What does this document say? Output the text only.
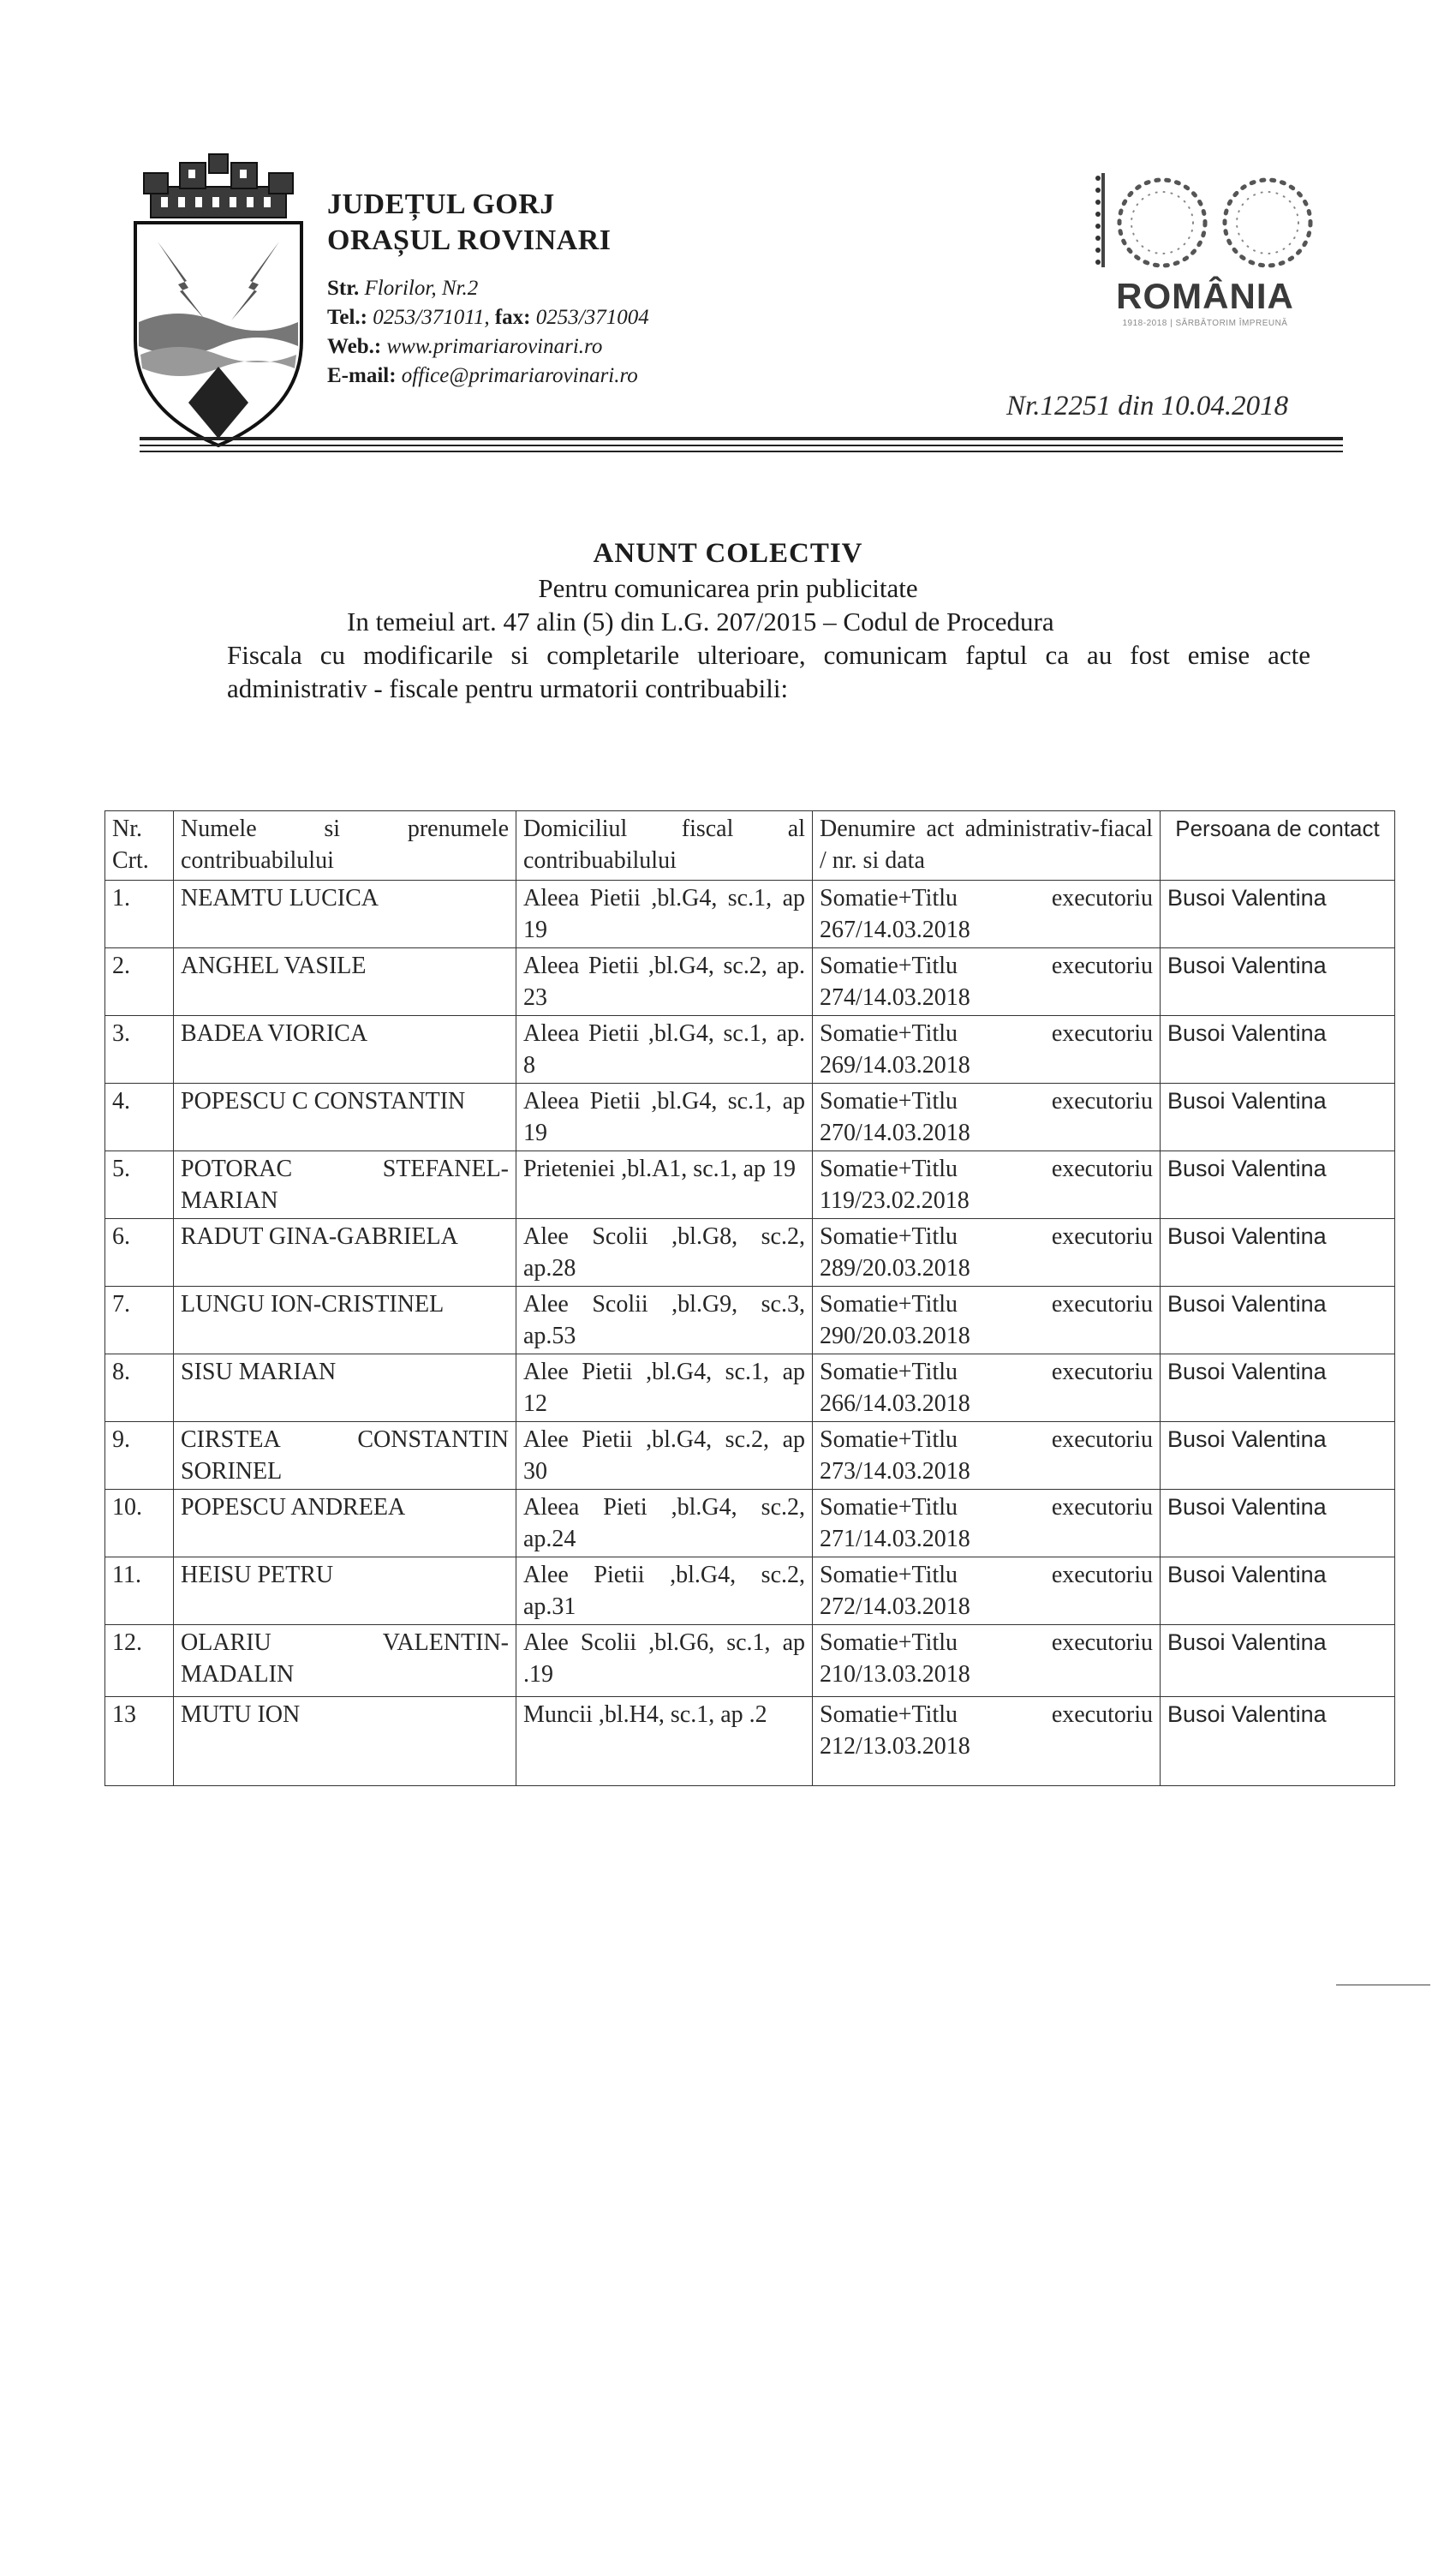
JUDEȚUL GORJ
ORAȘUL ROVINARI
Str. Florilor, Nr.2
Tel.: 0253/371011, fax: 0253/371004
Web.: www.primariarovinari.ro
E-mail: office@primariarovinari.ro
ROMÂNIA
1918-2018 | SĂRBĂTORIM ÎMPREUNĂ
Nr.12251 din 10.04.2018
ANUNT COLECTIV
Pentru comunicarea prin publicitate
In temeiul art. 47 alin (5) din L.G. 207/2015 – Codul de Procedura
Fiscala cu modificarile si completarile ulterioare, comunicam faptul ca au fost emise acte administrativ - fiscale pentru urmatorii contribuabili:
Nr. Crt.	Numele si prenumele contribuabilului	Domiciliul fiscal al contribuabilului	Denumire act administrativ-fiacal / nr. si data	Persoana de contact
1.	NEAMTU LUCICA	Aleea Pietii ,bl.G4, sc.1, ap 19	Somatie+Titlu executoriu 267/14.03.2018	Busoi Valentina
2.	ANGHEL VASILE	Aleea Pietii ,bl.G4, sc.2, ap. 23	Somatie+Titlu executoriu 274/14.03.2018	Busoi Valentina
3.	BADEA VIORICA	Aleea Pietii ,bl.G4, sc.1, ap. 8	Somatie+Titlu executoriu 269/14.03.2018	Busoi Valentina
4.	POPESCU C CONSTANTIN	Aleea Pietii ,bl.G4, sc.1, ap 19	Somatie+Titlu executoriu 270/14.03.2018	Busoi Valentina
5.	POTORAC STEFANEL-MARIAN	Prieteniei ,bl.A1, sc.1, ap 19	Somatie+Titlu executoriu 119/23.02.2018	Busoi Valentina
6.	RADUT GINA-GABRIELA	Alee Scolii ,bl.G8, sc.2, ap.28	Somatie+Titlu executoriu 289/20.03.2018	Busoi Valentina
7.	LUNGU ION-CRISTINEL	Alee Scolii ,bl.G9, sc.3, ap.53	Somatie+Titlu executoriu 290/20.03.2018	Busoi Valentina
8.	SISU MARIAN	Alee Pietii ,bl.G4, sc.1, ap 12	Somatie+Titlu executoriu 266/14.03.2018	Busoi Valentina
9.	CIRSTEA CONSTANTIN SORINEL	Alee Pietii ,bl.G4, sc.2, ap 30	Somatie+Titlu executoriu 273/14.03.2018	Busoi Valentina
10.	POPESCU ANDREEA	Aleea Pieti ,bl.G4, sc.2, ap.24	Somatie+Titlu executoriu 271/14.03.2018	Busoi Valentina
11.	HEISU PETRU	Alee Pietii ,bl.G4, sc.2, ap.31	Somatie+Titlu executoriu 272/14.03.2018	Busoi Valentina
12.	OLARIU VALENTIN-MADALIN	Alee Scolii ,bl.G6, sc.1, ap .19	Somatie+Titlu executoriu 210/13.03.2018	Busoi Valentina
13	MUTU ION	Muncii ,bl.H4, sc.1, ap .2	Somatie+Titlu executoriu 212/13.03.2018	Busoi Valentina
